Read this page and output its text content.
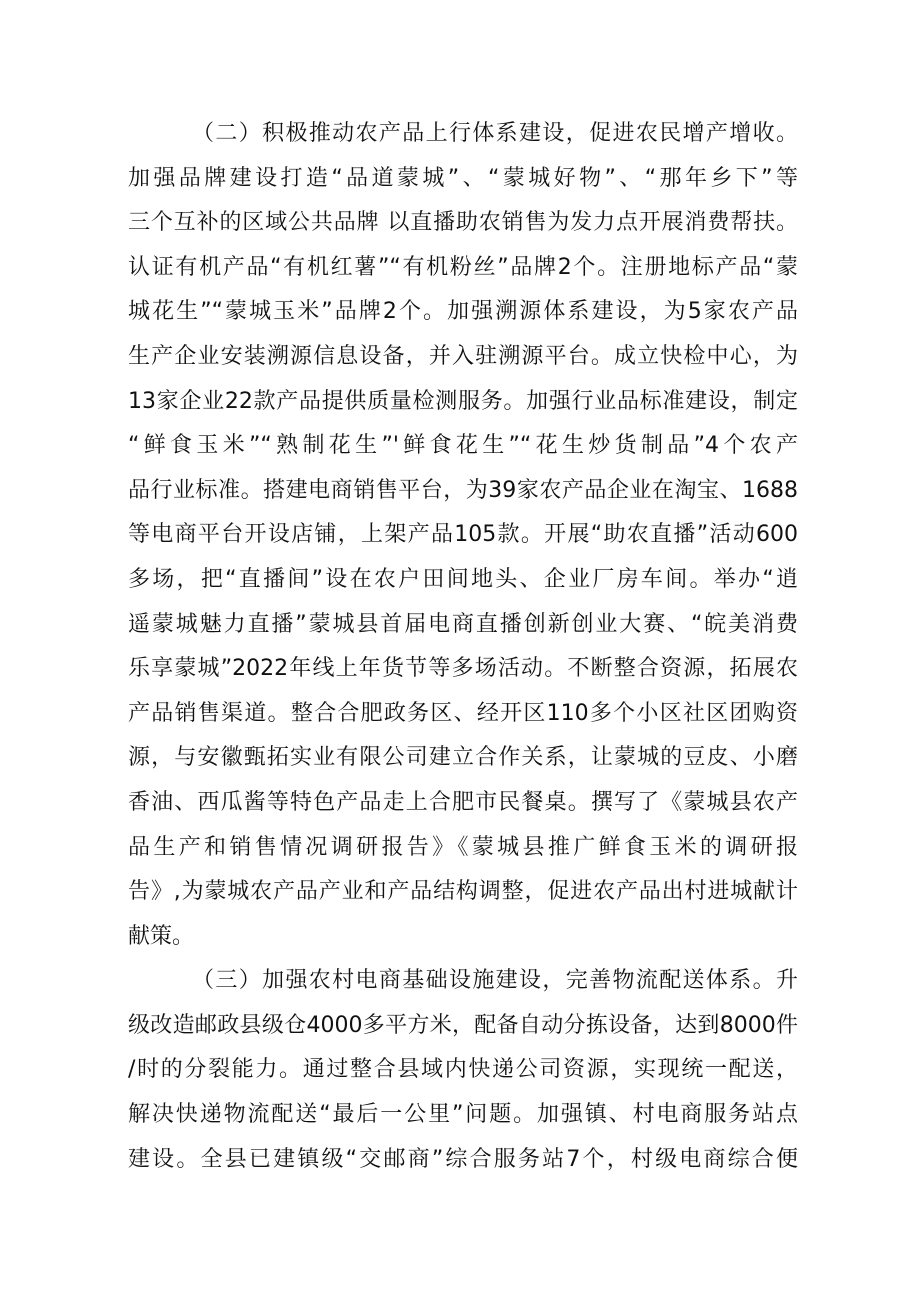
（二）积极推动农产品上行体系建设，促进农民增产增收。
加强品牌建设打造“品道蒙城”、“蒙城好物”、“那年乡下”等
三个互补的区域公共品牌 以直播助农销售为发力点开展消费帮扶。
认证有机产品“有机红薯”“有机粉丝”品牌2个。注册地标产品“蒙
城花生”“蒙城玉米”品牌2个。加强溯源体系建设，为5家农产品
生产企业安装溯源信息设备，并入驻溯源平台。成立快检中心，为
13家企业22款产品提供质量检测服务。加强行业品标准建设，制定
“鲜食玉米”“熟制花生”'鲜食花生”“花生炒货制品”4个农产
品行业标准。搭建电商销售平台，为39家农产品企业在淘宝、1688
等电商平台开设店铺，上架产品105款。开展“助农直播”活动600
多场，把“直播间”设在农户田间地头、企业厂房车间。举办“逍
遥蒙城魅力直播”蒙城县首届电商直播创新创业大赛、“皖美消费
乐享蒙城”2022年线上年货节等多场活动。不断整合资源，拓展农
产品销售渠道。整合合肥政务区、经开区110多个小区社区团购资
源，与安徽甄拓实业有限公司建立合作关系，让蒙城的豆皮、小磨
香油、西瓜酱等特色产品走上合肥市民餐桌。撰写了《蒙城县农产
品生产和销售情况调研报告》《蒙城县推广鲜食玉米的调研报
告》,为蒙城农产品产业和产品结构调整，促进农产品出村进城献计
献策。
（三）加强农村电商基础设施建设，完善物流配送体系。升
级改造邮政县级仓4000多平方米，配备自动分拣设备，达到8000件
/时的分裂能力。通过整合县域内快递公司资源，实现统一配送，
解决快递物流配送“最后一公里”问题。加强镇、村电商服务站点
建设。全县已建镇级“交邮商”综合服务站7个，村级电商综合便
